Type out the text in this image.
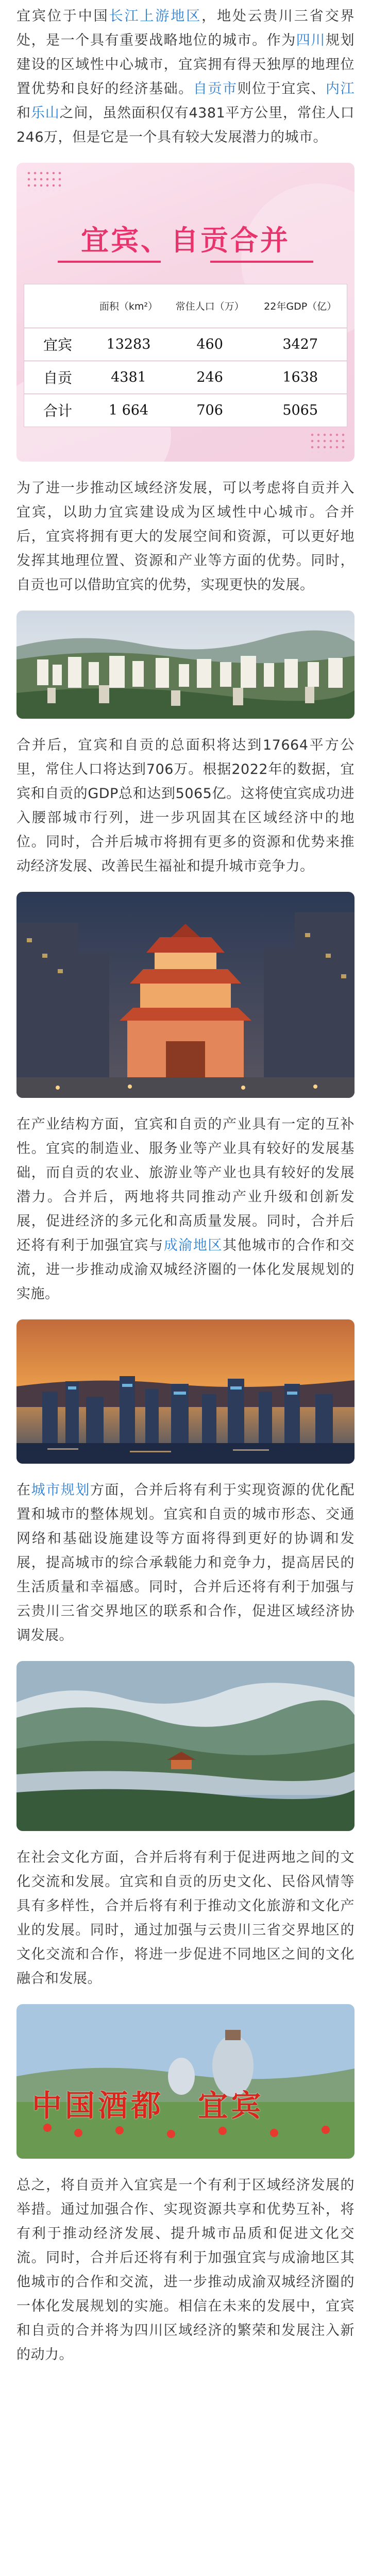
宜宾位于中国长江上游地区，地处云贵川三省交界处，是一个具有重要战略地位的城市。作为四川规划建设的区域性中心城市，宜宾拥有得天独厚的地理位置优势和良好的经济基础。自贡市则位于宜宾、内江和乐山之间，虽然面积仅有4381平方公里，常住人口246万，但是它是一个具有较大发展潜力的城市。

宜宾、自贡合并
	面积（km²）	常住人口（万）	22年GDP（亿）
宜宾	13283	460	3427
自贡	4381	246	1638
合计	1 664	706	5065

为了进一步推动区域经济发展，可以考虑将自贡并入宜宾，以助力宜宾建设成为区域性中心城市。合并后，宜宾将拥有更大的发展空间和资源，可以更好地发挥其地理位置、资源和产业等方面的优势。同时，自贡也可以借助宜宾的优势，实现更快的发展。

合并后，宜宾和自贡的总面积将达到17664平方公里，常住人口将达到706万。根据2022年的数据，宜宾和自贡的GDP总和达到5065亿。这将使宜宾成功进入腰部城市行列，进一步巩固其在区域经济中的地位。同时，合并后城市将拥有更多的资源和优势来推动经济发展、改善民生福祉和提升城市竞争力。

在产业结构方面，宜宾和自贡的产业具有一定的互补性。宜宾的制造业、服务业等产业具有较好的发展基础，而自贡的农业、旅游业等产业也具有较好的发展潜力。合并后，两地将共同推动产业升级和创新发展，促进经济的多元化和高质量发展。同时，合并后还将有利于加强宜宾与成渝地区其他城市的合作和交流，进一步推动成渝双城经济圈的一体化发展规划的实施。

在城市规划方面，合并后将有利于实现资源的优化配置和城市的整体规划。宜宾和自贡的城市形态、交通网络和基础设施建设等方面将得到更好的协调和发展，提高城市的综合承载能力和竞争力，提高居民的生活质量和幸福感。同时，合并后还将有利于加强与云贵川三省交界地区的联系和合作，促进区域经济协调发展。

在社会文化方面，合并后将有利于促进两地之间的文化交流和发展。宜宾和自贡的历史文化、民俗风情等具有多样性，合并后将有利于推动文化旅游和文化产业的发展。同时，通过加强与云贵川三省交界地区的文化交流和合作，将进一步促进不同地区之间的文化融合和发展。

中国酒都 宜宾

总之，将自贡并入宜宾是一个有利于区域经济发展的举措。通过加强合作、实现资源共享和优势互补，将有利于推动经济发展、提升城市品质和促进文化交流。同时，合并后还将有利于加强宜宾与成渝地区其他城市的合作和交流，进一步推动成渝双城经济圈的一体化发展规划的实施。相信在未来的发展中，宜宾和自贡的合并将为四川区域经济的繁荣和发展注入新的动力。
